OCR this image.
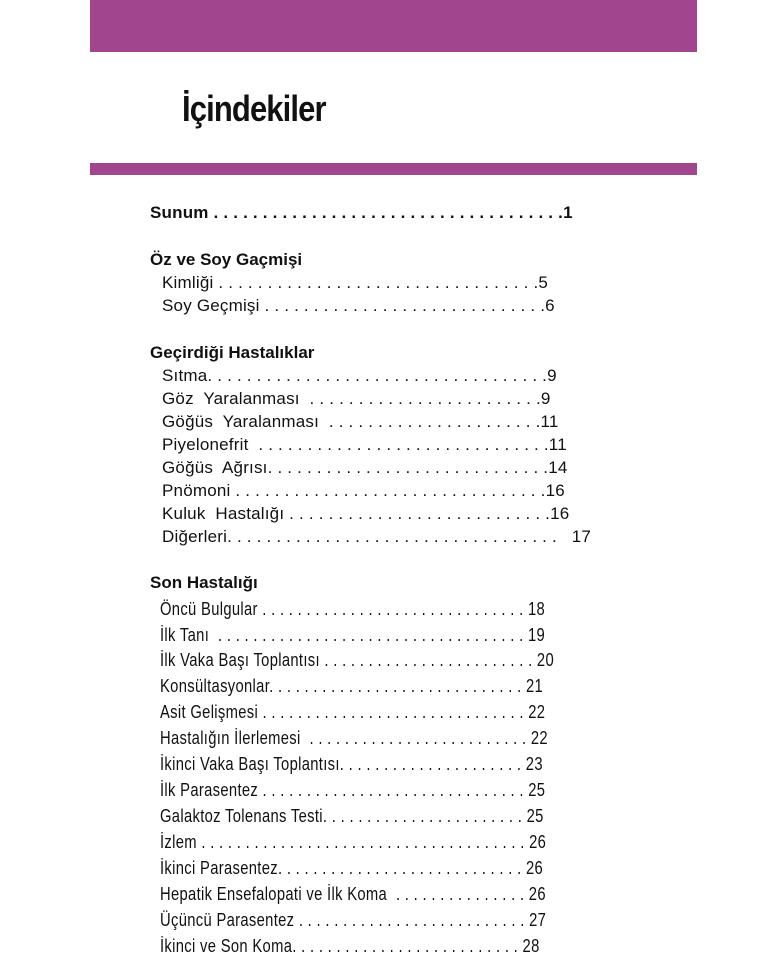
İçindekiler
Sunum . . . . . . . . . . . . . . . . . . . . . . . . . . . . . . . . . . . .1
Öz ve Soy Gaçmişi
Kimliği . . . . . . . . . . . . . . . . . . . . . . . . . . . . . . . . .5
Soy Geçmişi . . . . . . . . . . . . . . . . . . . . . . . . . . . . .6
Geçirdiği Hastalıklar
Sıtma. . . . . . . . . . . . . . . . . . . . . . . . . . . . . . . . . . .9
Göz  Yaralanması  . . . . . . . . . . . . . . . . . . . . . . . .9
Göğüs  Yaralanması  . . . . . . . . . . . . . . . . . . . . . .11
Piyelonefrit  . . . . . . . . . . . . . . . . . . . . . . . . . . . . . .11
Göğüs  Ağrısı. . . . . . . . . . . . . . . . . . . . . . . . . . . . .14
Pnömoni . . . . . . . . . . . . . . . . . . . . . . . . . . . . . . . .16
Kuluk  Hastalığı . . . . . . . . . . . . . . . . . . . . . . . . . . .16
Diğerleri. . . . . . . . . . . . . . . . . . . . . . . . . . . . . . . . . .   17
Son Hastalığı
Öncü Bulgular . . . . . . . . . . . . . . . . . . . . . . . . . . . . . . 18
İlk Tanı  . . . . . . . . . . . . . . . . . . . . . . . . . . . . . . . . . . . 19
İlk Vaka Başı Toplantısı . . . . . . . . . . . . . . . . . . . . . . . . 20
Konsültasyonlar. . . . . . . . . . . . . . . . . . . . . . . . . . . . . 21
Asit Gelişmesi . . . . . . . . . . . . . . . . . . . . . . . . . . . . . . 22
Hastalığın İlerlemesi  . . . . . . . . . . . . . . . . . . . . . . . . . 22
İkinci Vaka Başı Toplantısı. . . . . . . . . . . . . . . . . . . . . 23
İlk Parasentez . . . . . . . . . . . . . . . . . . . . . . . . . . . . . . 25
Galaktoz Tolenans Testi. . . . . . . . . . . . . . . . . . . . . . . 25
İzlem . . . . . . . . . . . . . . . . . . . . . . . . . . . . . . . . . . . . . 26
İkinci Parasentez. . . . . . . . . . . . . . . . . . . . . . . . . . . . 26
Hepatik Ensefalopati ve İlk Koma  . . . . . . . . . . . . . . . 26
Üçüncü Parasentez . . . . . . . . . . . . . . . . . . . . . . . . . . 27
İkinci ve Son Koma. . . . . . . . . . . . . . . . . . . . . . . . . . 28
